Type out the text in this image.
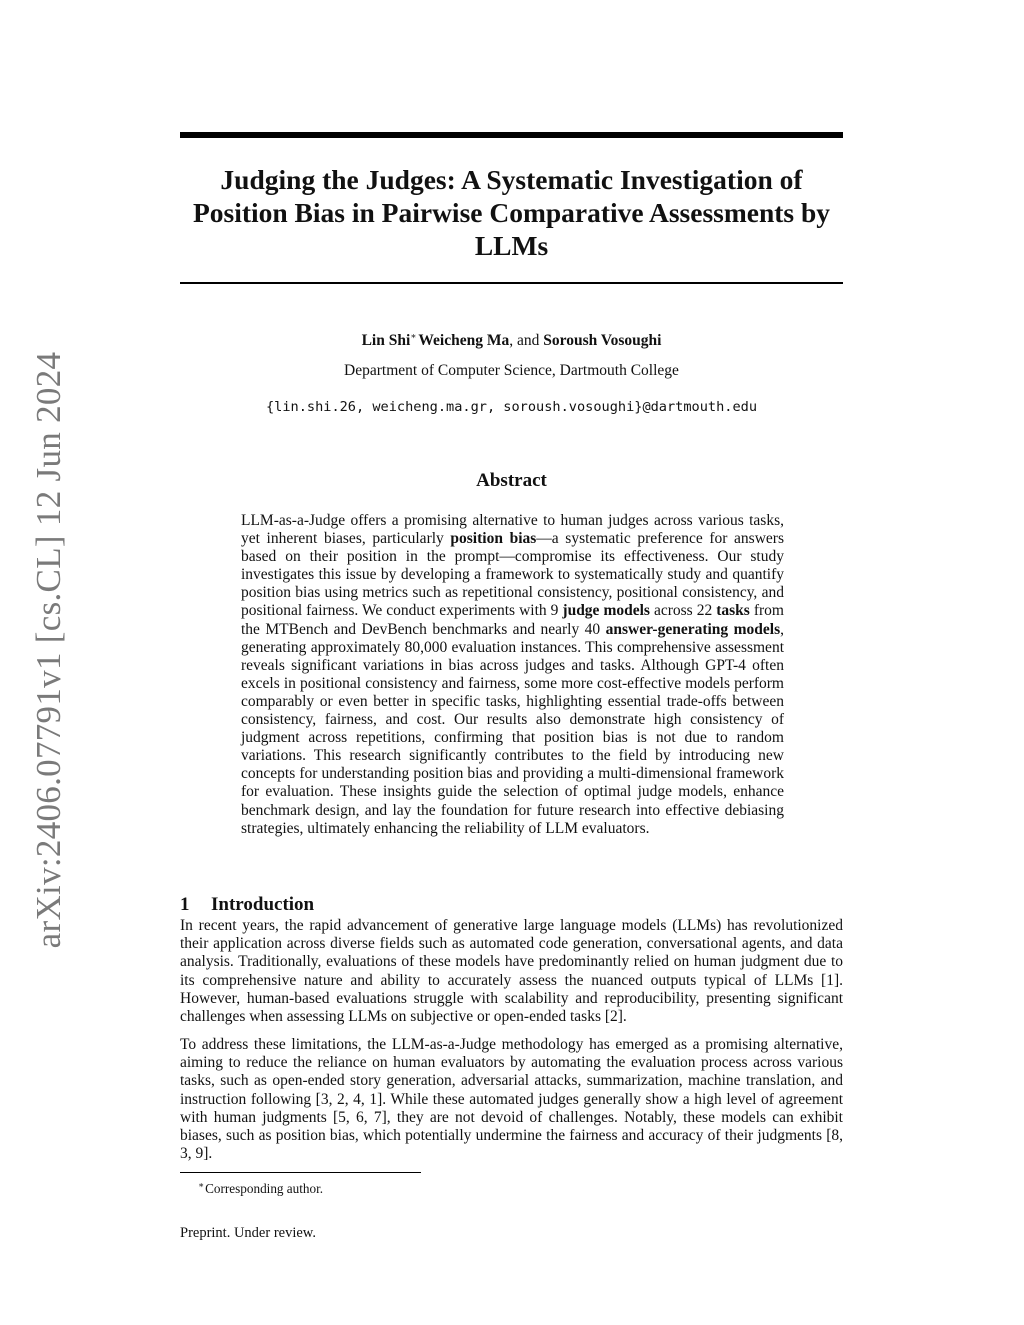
arXiv:2406.07791v1 [cs.CL] 12 Jun 2024
Judging the Judges: A Systematic Investigation of Position Bias in Pairwise Comparative Assessments by LLMs
Lin Shi∗ Weicheng Ma, and Soroush Vosoughi
Department of Computer Science, Dartmouth College
{lin.shi.26, weicheng.ma.gr, soroush.vosoughi}@dartmouth.edu
Abstract

LLM-as-a-Judge offers a promising alternative to human judges across various tasks, yet inherent biases, particularly position bias—a systematic preference for answers based on their position in the prompt—compromise its effectiveness. Our study investigates this issue by developing a framework to systematically study and quantify position bias using metrics such as repetitional consistency, positional consistency, and positional fairness. We conduct experiments with 9 judge models across 22 tasks from the MTBench and DevBench benchmarks and nearly 40 answer-generating models, generating approximately 80,000 evaluation instances. This comprehensive assessment reveals significant variations in bias across judges and tasks. Although GPT-4 often excels in positional consistency and fairness, some more cost-effective models perform comparably or even better in specific tasks, highlighting essential trade-offs between consistency, fairness, and cost. Our results also demonstrate high consistency of judgment across repetitions, confirming that position bias is not due to random variations. This research significantly contributes to the field by introducing new concepts for understanding position bias and providing a multi-dimensional framework for evaluation. These insights guide the selection of optimal judge models, enhance benchmark design, and lay the foundation for future research into effective debiasing strategies, ultimately enhancing the reliability of LLM evaluators.

1 Introduction

In recent years, the rapid advancement of generative large language models (LLMs) has revolutionized their application across diverse fields such as automated code generation, conversational agents, and data analysis. Traditionally, evaluations of these models have predominantly relied on human judgment due to its comprehensive nature and ability to accurately assess the nuanced outputs typical of LLMs [1]. However, human-based evaluations struggle with scalability and reproducibility, presenting significant challenges when assessing LLMs on subjective or open-ended tasks [2].

To address these limitations, the LLM-as-a-Judge methodology has emerged as a promising alternative, aiming to reduce the reliance on human evaluators by automating the evaluation process across various tasks, such as open-ended story generation, adversarial attacks, summarization, machine translation, and instruction following [3, 2, 4, 1]. While these automated judges generally show a high level of agreement with human judgments [5, 6, 7], they are not devoid of challenges. Notably, these models can exhibit biases, such as position bias, which potentially undermine the fairness and accuracy of their judgments [8, 3, 9].

∗Corresponding author.
Preprint. Under review.
